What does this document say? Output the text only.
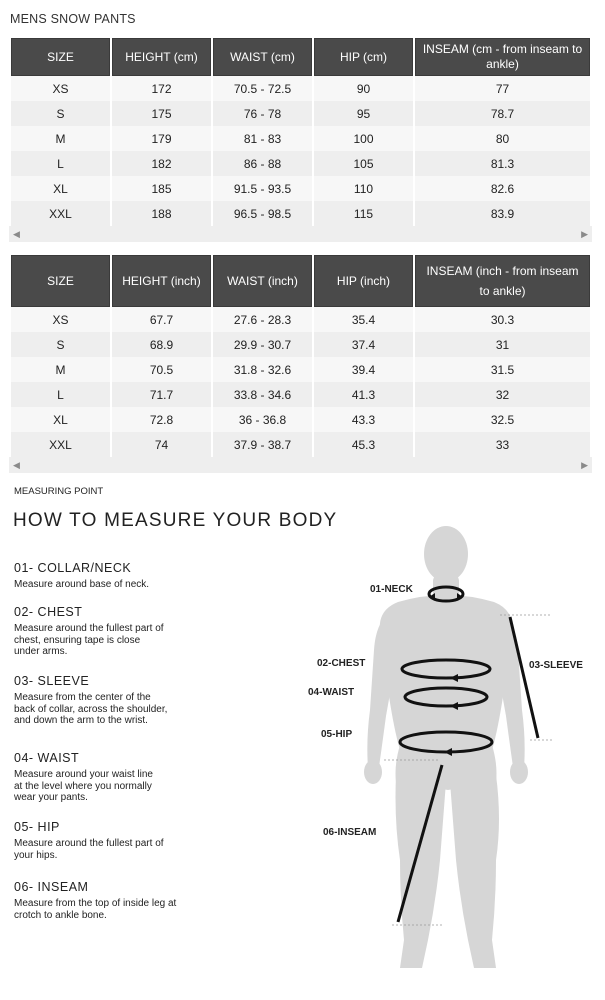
MENS SNOW PANTS
SIZE	HEIGHT (cm)	WAIST (cm)	HIP (cm)	INSEAM (cm - from inseam to ankle)
XS	172	70.5 - 72.5	90	77
S	175	76 - 78	95	78.7
M	179	81 - 83	100	80
L	182	86 - 88	105	81.3
XL	185	91.5 - 93.5	110	82.6
XXL	188	96.5 - 98.5	115	83.9
◀	▶
SIZE	HEIGHT (inch)	WAIST (inch)	HIP (inch)	INSEAM (inch - from inseam to ankle)
XS	67.7	27.6 - 28.3	35.4	30.3
S	68.9	29.9 - 30.7	37.4	31
M	70.5	31.8 - 32.6	39.4	31.5
L	71.7	33.8 - 34.6	41.3	32
XL	72.8	36 - 36.8	43.3	32.5
XXL	74	37.9 - 38.7	45.3	33
◀	▶
MEASURING POINT
HOW TO MEASURE YOUR BODY
01- COLLAR/NECK
Measure around base of neck.
02- CHEST
Measure around the fullest part of chest, ensuring tape is close under arms.
03- SLEEVE
Measure from the center of the back of collar, across the shoulder, and down the arm to the wrist.
04- WAIST
Measure around your waist line at the level where you normally wear your pants.
05- HIP
Measure around the fullest part of your hips.
06- INSEAM
Measure from the top of inside leg at crotch to ankle bone.
01-NECK
02-CHEST	03-SLEEVE
04-WAIST
05-HIP
06-INSEAM
